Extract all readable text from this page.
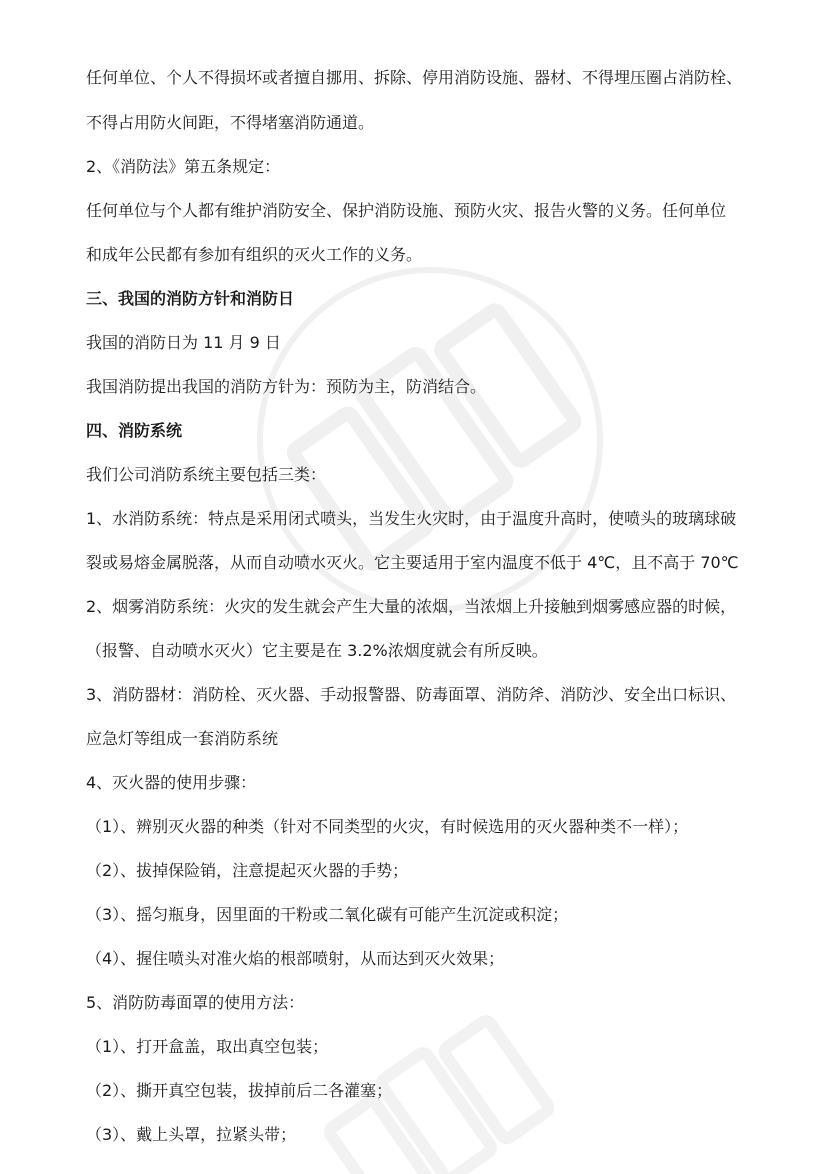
任何单位、个人不得损坏或者擅自挪用、拆除、停用消防设施、器材、不得埋压圈占消防栓、
不得占用防火间距，不得堵塞消防通道。
2、《消防法》第五条规定：
任何单位与个人都有维护消防安全、保护消防设施、预防火灾、报告火警的义务。任何单位
和成年公民都有参加有组织的灭火工作的义务。
三、我国的消防方针和消防日
我国的消防日为 11 月 9 日
我国消防提出我国的消防方针为：预防为主，防消结合。
四、消防系统
我们公司消防系统主要包括三类：
1、水消防系统：特点是采用闭式喷头，当发生火灾时，由于温度升高时，使喷头的玻璃球破
裂或易熔金属脱落，从而自动喷水灭火。它主要适用于室内温度不低于 4℃，且不高于 70℃
2、烟雾消防系统：火灾的发生就会产生大量的浓烟，当浓烟上升接触到烟雾感应器的时候，
（报警、自动喷水灭火）它主要是在 3.2%浓烟度就会有所反映。
3、消防器材：消防栓、灭火器、手动报警器、防毒面罩、消防斧、消防沙、安全出口标识、
应急灯等组成一套消防系统
4、灭火器的使用步骤：
（1）、辨别灭火器的种类（针对不同类型的火灾，有时候选用的灭火器种类不一样）；
（2）、拔掉保险销，注意提起灭火器的手势；
（3）、摇匀瓶身，因里面的干粉或二氧化碳有可能产生沉淀或积淀；
（4）、握住喷头对准火焰的根部喷射，从而达到灭火效果；
5、消防防毒面罩的使用方法：
（1）、打开盒盖，取出真空包装；
（2）、撕开真空包装，拔掉前后二各灌塞；
（3）、戴上头罩，拉紧头带；
